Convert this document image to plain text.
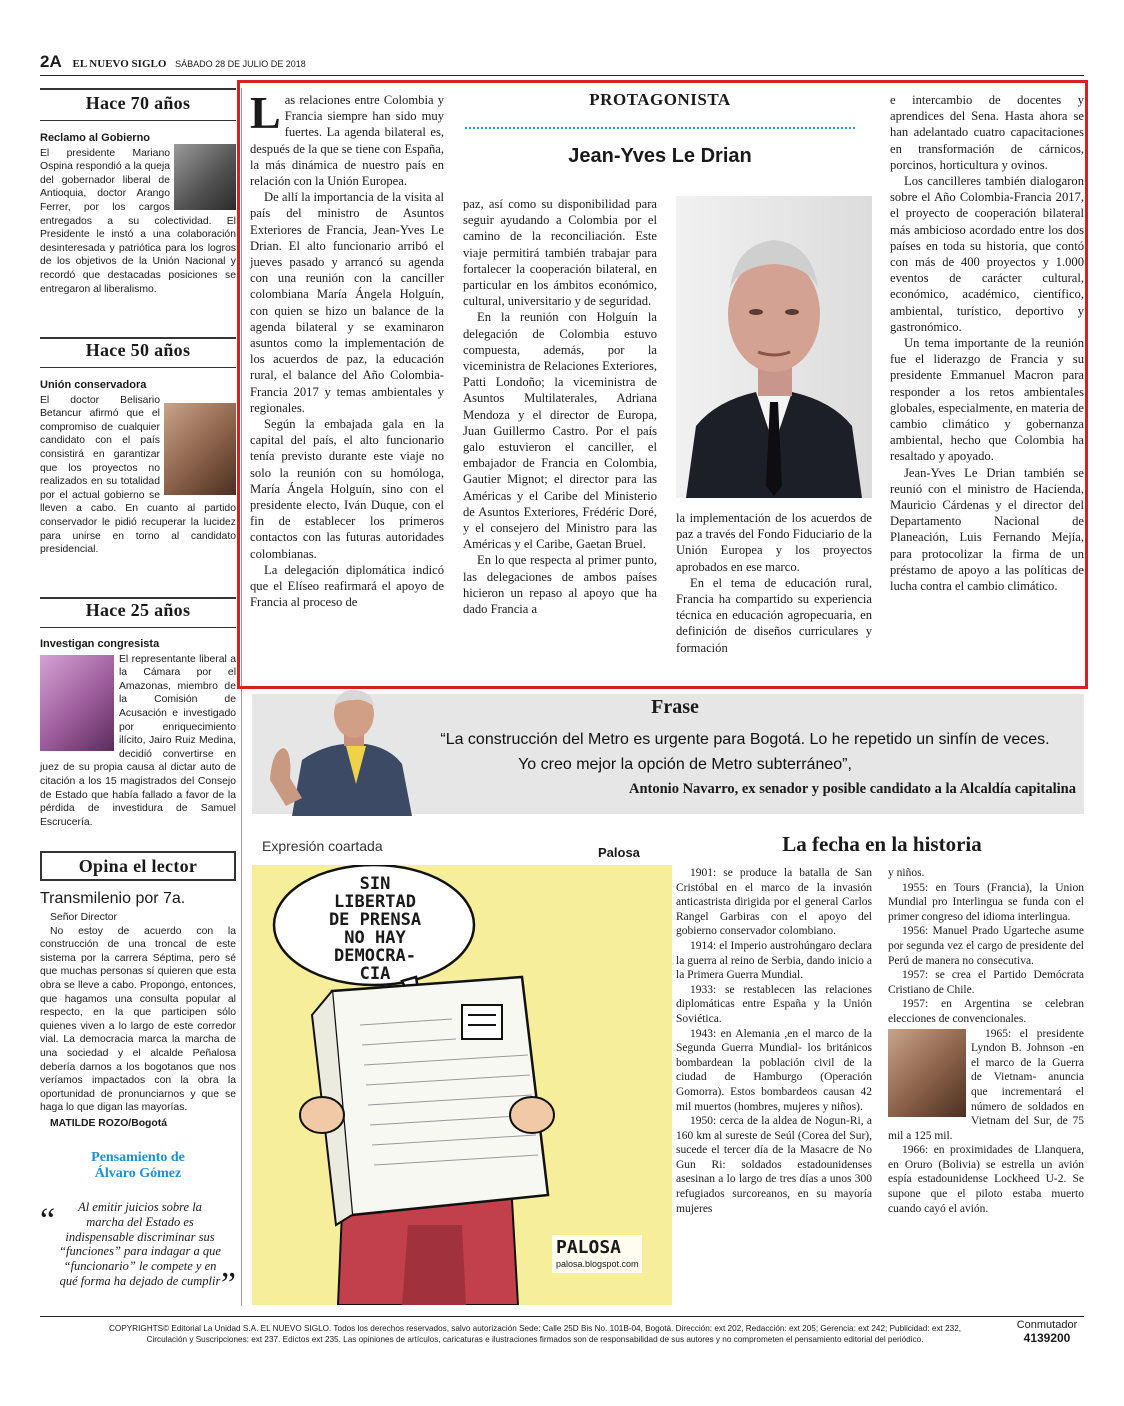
2A EL NUEVO SIGLO SÁBADO 28 DE JULIO DE 2018
Hace 70 años
Reclamo al Gobierno
El presidente Mariano Ospina respondió a la queja del gobernador liberal de Antioquia, doctor Arango Ferrer, por los cargos entregados a su colectividad. El Presidente le instó a una colaboración desinteresada y patriótica para los logros de los objetivos de la Unión Nacional y recordó que destacadas posiciones se entregaron al liberalismo.
Hace 50 años
Unión conservadora
El doctor Belisario Betancur afirmó que el compromiso de cualquier candidato con el país consistirá en garantizar que los proyectos no realizados en su totalidad por el actual gobierno se lleven a cabo. En cuanto al partido conservador le pidió recuperar la lucidez para unirse en torno al candidato presidencial.
Hace 25 años
Investigan congresista
El representante liberal a la Cámara por el Amazonas, miembro de la Comisión de Acusación e investigado por enriquecimiento ilícito, Jairo Ruiz Medina, decidió convertirse en juez de su propia causa al dictar auto de citación a los 15 magistrados del Consejo de Estado que había fallado a favor de la pérdida de investidura de Samuel Escrucería.
Opina el lector
Transmilenio por 7a.
Señor Director
No estoy de acuerdo con la construcción de una troncal de este sistema por la carrera Séptima, pero sé que muchas personas sí quieren que esta obra se lleve a cabo. Propongo, entonces, que hagamos una consulta popular al respecto, en la que participen sólo quienes viven a lo largo de este corredor vial. La democracia marca la marcha de una sociedad y el alcalde Peñalosa debería darnos a los bogotanos que nos veríamos impactados con la obra la oportunidad de pronunciarnos y que se haga lo que digan las mayorías.
MATILDE ROZO/Bogotá
Pensamiento de
Álvaro Gómez
“
”
Al emitir juicios sobre la marcha del Estado es indispensable discriminar sus “funciones” para indagar a que “funcionario” le compete y en qué forma ha dejado de cumplir

Las relaciones entre Colombia y Francia siempre han sido muy fuertes. La agenda bilateral es, después de la que se tiene con España, la más dinámica de nuestro país en relación con la Unión Europea.

De allí la importancia de la visita al país del ministro de Asuntos Exteriores de Francia, Jean-Yves Le Drian. El alto funcionario arribó el jueves pasado y arrancó su agenda con una reunión con la canciller colombiana María Ángela Holguín, con quien se hizo un balance de la agenda bilateral y se examinaron asuntos como la implementación de los acuerdos de paz, la educación rural, el balance del Año Colombia-Francia 2017 y temas ambientales y regionales.

Según la embajada gala en la capital del país, el alto funcionario tenía previsto durante este viaje no solo la reunión con su homóloga, María Ángela Holguín, sino con el presidente electo, Iván Duque, con el fin de establecer los primeros contactos con las futuras autoridades colombianas.

La delegación diplomática indicó que el Elíseo reafirmará el apoyo de Francia al proceso de

PROTAGONISTA
Jean-Yves Le Drian

paz, así como su disponibilidad para seguir ayudando a Colombia por el camino de la reconciliación. Este viaje permitirá también trabajar para fortalecer la cooperación bilateral, en particular en los ámbitos económico, cultural, universitario y de seguridad.

En la reunión con Holguín la delegación de Colombia estuvo compuesta, además, por la viceministra de Relaciones Exteriores, Patti Londoño; la viceministra de Asuntos Multilaterales, Adriana Mendoza y el director de Europa, Juan Guillermo Castro. Por el país galo estuvieron el canciller, el embajador de Francia en Colombia, Gautier Mignot; el director para las Américas y el Caribe del Ministerio de Asuntos Exteriores, Frédéric Doré, y el consejero del Ministro para las Américas y el Caribe, Gaetan Bruel.

En lo que respecta al primer punto, las delegaciones de ambos países hicieron un repaso al apoyo que ha dado Francia a

la implementación de los acuerdos de paz a través del Fondo Fiduciario de la Unión Europea y los proyectos aprobados en ese marco.

En el tema de educación rural, Francia ha compartido su experiencia técnica en educación agropecuaria, en definición de diseños curriculares y formación

e intercambio de docentes y aprendices del Sena. Hasta ahora se han adelantado cuatro capacitaciones en transformación de cárnicos, porcinos, horticultura y ovinos.

Los cancilleres también dialogaron sobre el Año Colombia-Francia 2017, el proyecto de cooperación bilateral más ambicioso acordado entre los dos países en toda su historia, que contó con más de 400 proyectos y 1.000 eventos de carácter cultural, económico, académico, científico, ambiental, turístico, deportivo y gastronómico.

Un tema importante de la reunión fue el liderazgo de Francia y su presidente Emmanuel Macron para responder a los retos ambientales globales, especialmente, en materia de cambio climático y gobernanza ambiental, hecho que Colombia ha resaltado y apoyado.

Jean-Yves Le Drian también se reunió con el ministro de Hacienda, Mauricio Cárdenas y el director del Departamento Nacional de Planeación, Luis Fernando Mejía, para protocolizar la firma de un préstamo de apoyo a las políticas de lucha contra el cambio climático.

Frase
“La construcción del Metro es urgente para Bogotá. Lo he repetido un sinfín de veces.
Yo creo mejor la opción de Metro subterráneo”,
Antonio Navarro, ex senador y posible candidato a la Alcaldía capitalina
Expresión coartada	Palosa
SIN
LIBERTAD
DE PRENSA
NO HAY
DEMOCRA-
CIA
PALOSA
palosa.blogspot.com
La fecha en la historia

1901: se produce la batalla de San Cristóbal en el marco de la invasión anticastrista dirigida por el general Carlos Rangel Garbiras con el apoyo del gobierno conservador colombiano.

1914: el Imperio austrohúngaro declara la guerra al reino de Serbia, dando inicio a la Primera Guerra Mundial.

1933: se restablecen las relaciones diplomáticas entre España y la Unión Soviética.

1943: en Alemania ,en el marco de la Segunda Guerra Mundial- los británicos bombardean la población civil de la ciudad de Hamburgo (Operación Gomorra). Estos bombardeos causan 42 mil muertos (hombres, mujeres y niños).

1950: cerca de la aldea de Nogun-Ri, a 160 km al sureste de Seúl (Corea del Sur), sucede el tercer día de la Masacre de No Gun Ri: soldados estadounidenses asesinan a lo largo de tres días a unos 300 refugiados surcoreanos, en su mayoría mujeres

y niños.

1955: en Tours (Francia), la Union Mundial pro Interlingua se funda con el primer congreso del idioma interlingua.

1956: Manuel Prado Ugarteche asume por segunda vez el cargo de presidente del Perú de manera no consecutiva.

1957: se crea el Partido Demócrata Cristiano de Chile.

1957: en Argentina se celebran elecciones de convencionales.

1965: el presidente Lyndon B. Johnson -en el marco de la Guerra de Vietnam- anuncia que incrementará el número de soldados en Vietnam del Sur, de 75 mil a 125 mil.

1966: en proximidades de Llanquera, en Oruro (Bolivia) se estrella un avión espía estadounidense Lockheed U-2. Se supone que el piloto estaba muerto cuando cayó el avión.

COPYRIGHTS© Editorial La Unidad S.A. EL NUEVO SIGLO. Todos los derechos reservados, salvo autorización Sede: Calle 25D Bis No. 101B-04, Bogotá. Dirección: ext 202, Redacción: ext 205; Gerencia: ext 242; Publicidad: ext 232,
Circulación y Suscripciones: ext 237. Edictos ext 235. Las opiniones de artículos, caricaturas e ilustraciones firmados son de responsabilidad de sus autores y no comprometen el pensamiento editorial del periódico.
Conmutador
4139200
